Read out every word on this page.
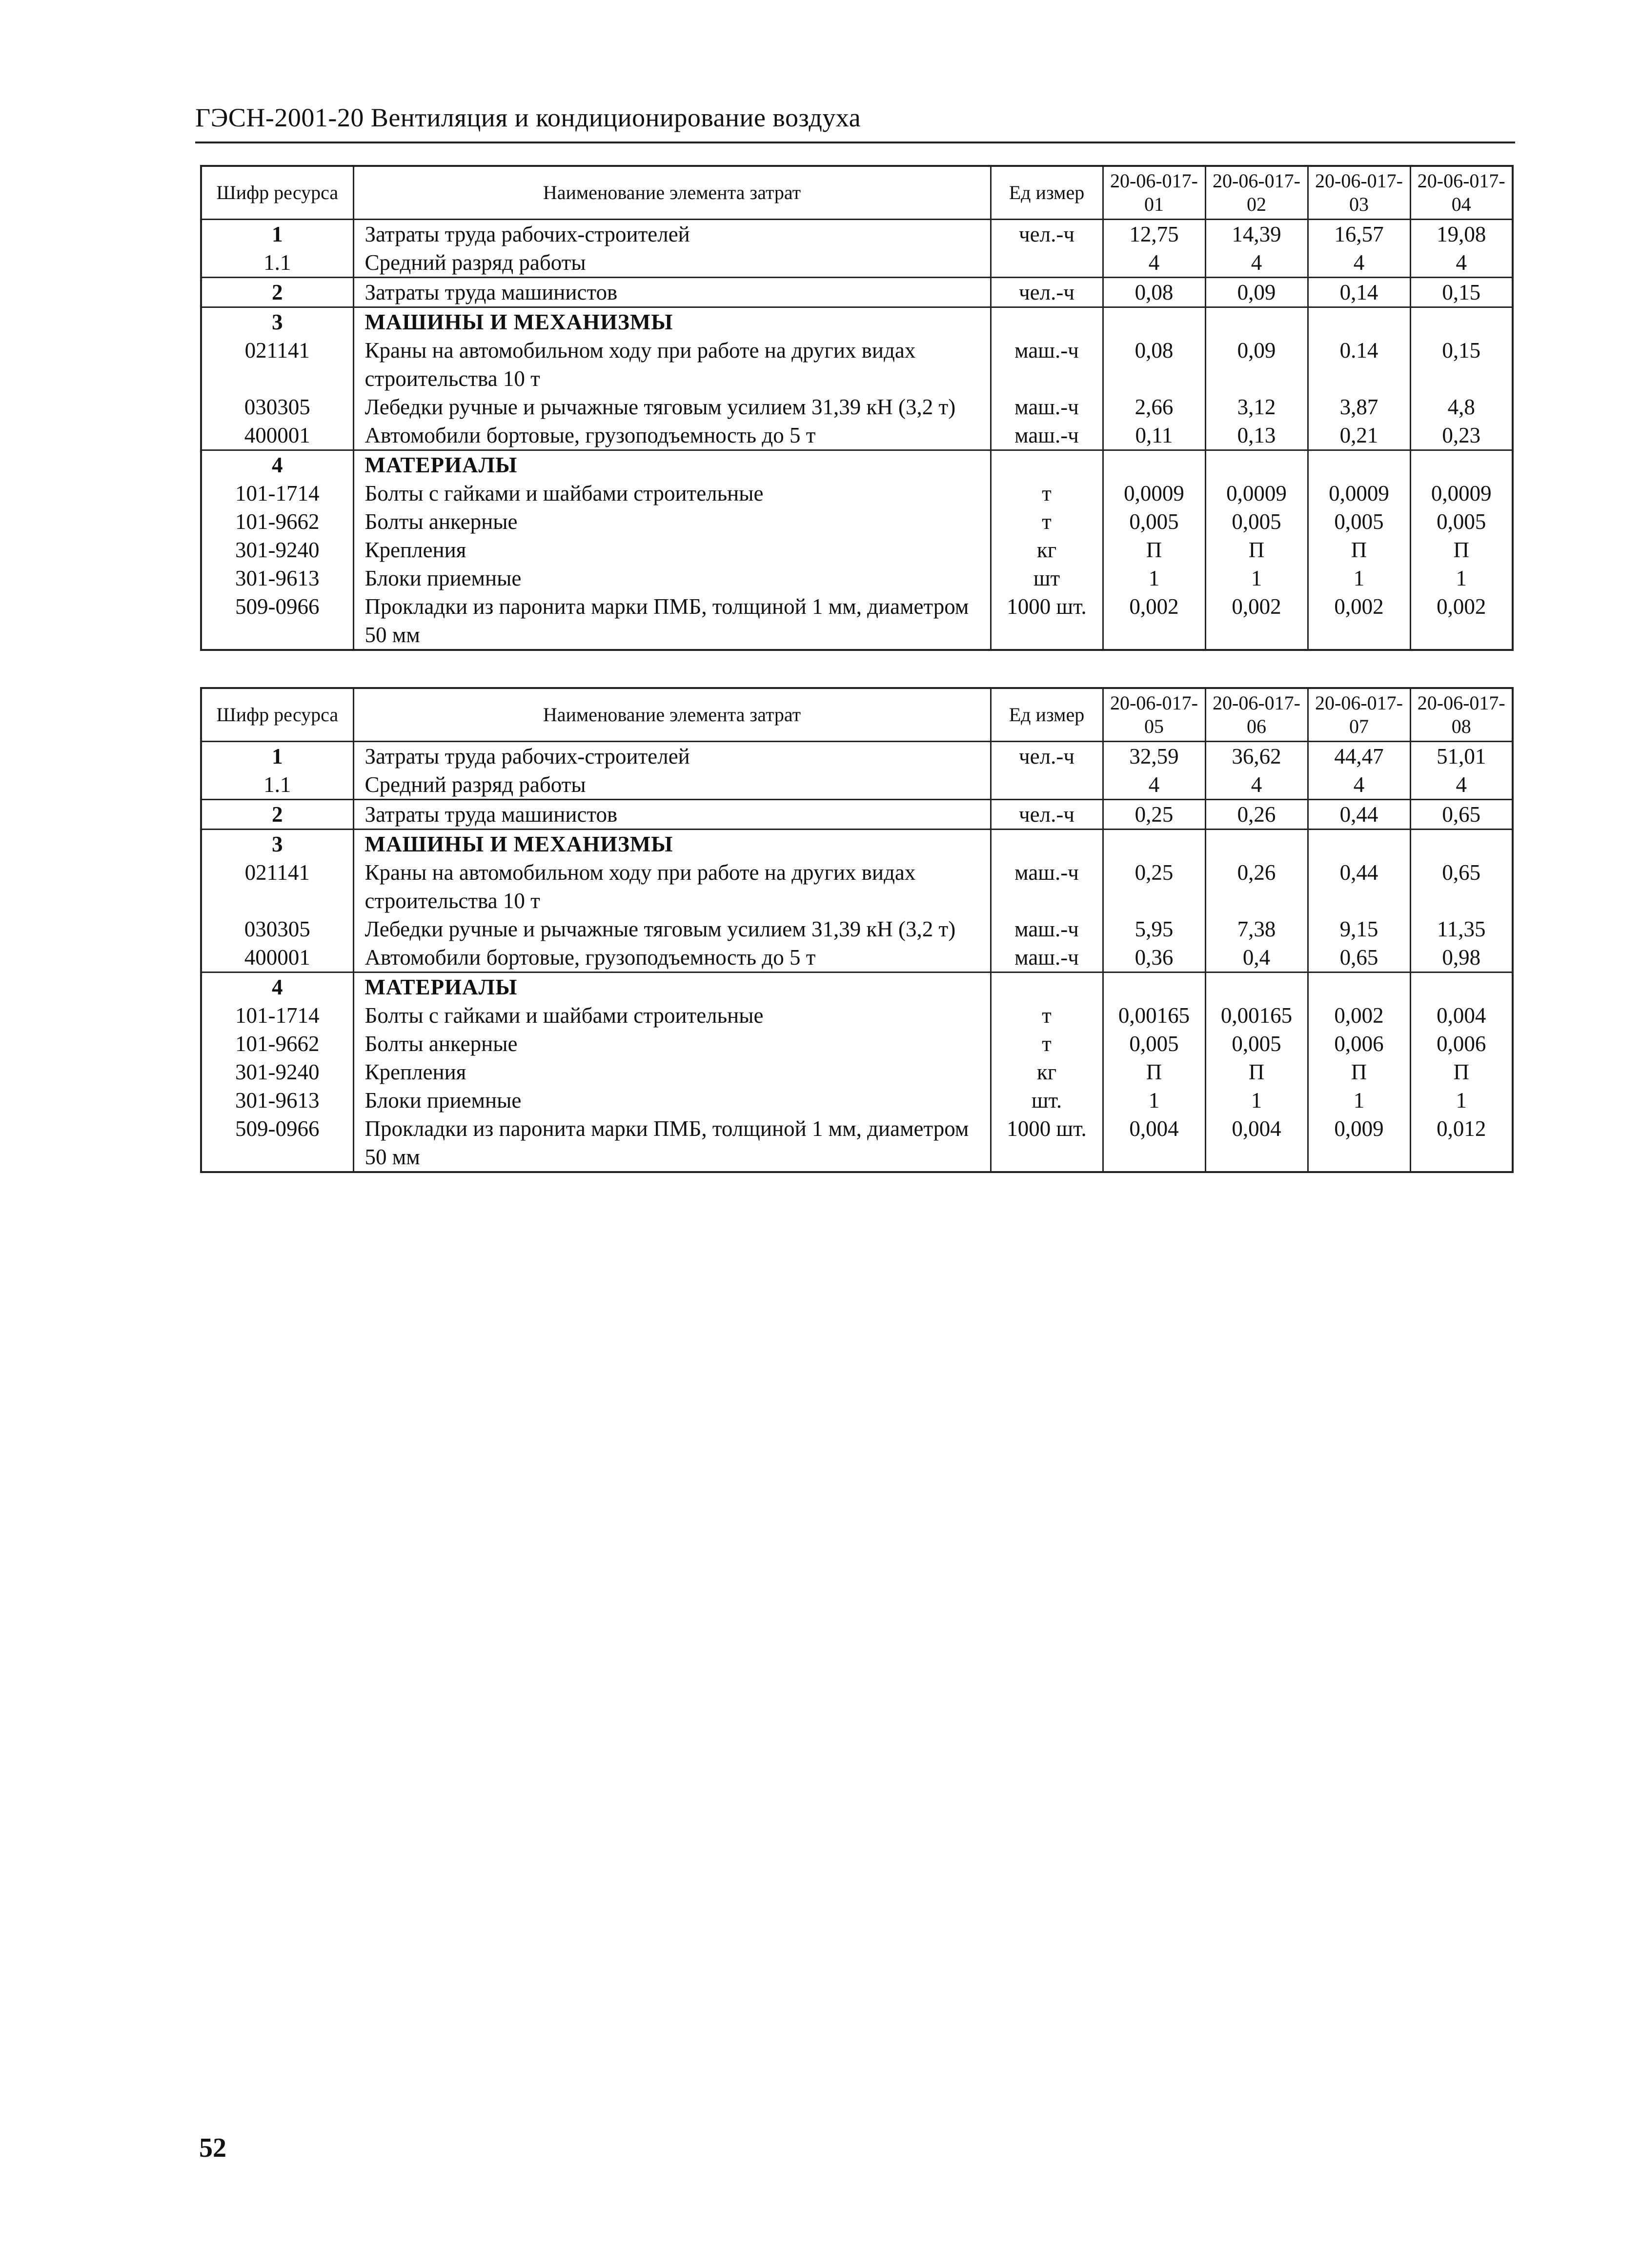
ГЭСН-2001-20 Вентиляция и кондиционирование воздуха
Шифр ресурса	Наименование элемента затрат	Ед измер	20-06-017-01	20-06-017-02	20-06-017-03	20-06-017-04
1	Затраты труда рабочих-строителей	чел.-ч	12,75	14,39	16,57	19,08
1.1	Средний разряд работы		4	4	4	4
2	Затраты труда машинистов	чел.-ч	0,08	0,09	0,14	0,15
3	МАШИНЫ И МЕХАНИЗМЫ					
021141	Краны на автомобильном ходу при работе на других видах строительства 10 т	маш.-ч	0,08	0,09	0.14	0,15
030305	Лебедки ручные и рычажные тяговым усилием 31,39 кН (3,2 т)	маш.-ч	2,66	3,12	3,87	4,8
400001	Автомобили бортовые, грузоподъемность до 5 т	маш.-ч	0,11	0,13	0,21	0,23
4	МАТЕРИАЛЫ					
101-1714	Болты с гайками и шайбами строительные	т	0,0009	0,0009	0,0009	0,0009
101-9662	Болты анкерные	т	0,005	0,005	0,005	0,005
301-9240	Крепления	кг	П	П	П	П
301-9613	Блоки приемные	шт	1	1	1	1
509-0966	Прокладки из паронита марки ПМБ, толщиной 1 мм, диаметром 50 мм	1000 шт.	0,002	0,002	0,002	0,002
Шифр ресурса	Наименование элемента затрат	Ед измер	20-06-017-05	20-06-017-06	20-06-017-07	20-06-017-08
1	Затраты труда рабочих-строителей	чел.-ч	32,59	36,62	44,47	51,01
1.1	Средний разряд работы		4	4	4	4
2	Затраты труда машинистов	чел.-ч	0,25	0,26	0,44	0,65
3	МАШИНЫ И МЕХАНИЗМЫ					
021141	Краны на автомобильном ходу при работе на других видах строительства 10 т	маш.-ч	0,25	0,26	0,44	0,65
030305	Лебедки ручные и рычажные тяговым усилием 31,39 кН (3,2 т)	маш.-ч	5,95	7,38	9,15	11,35
400001	Автомобили бортовые, грузоподъемность до 5 т	маш.-ч	0,36	0,4	0,65	0,98
4	МАТЕРИАЛЫ					
101-1714	Болты с гайками и шайбами строительные	т	0,00165	0,00165	0,002	0,004
101-9662	Болты анкерные	т	0,005	0,005	0,006	0,006
301-9240	Крепления	кг	П	П	П	П
301-9613	Блоки приемные	шт.	1	1	1	1
509-0966	Прокладки из паронита марки ПМБ, толщиной 1 мм, диаметром 50 мм	1000 шт.	0,004	0,004	0,009	0,012
52
